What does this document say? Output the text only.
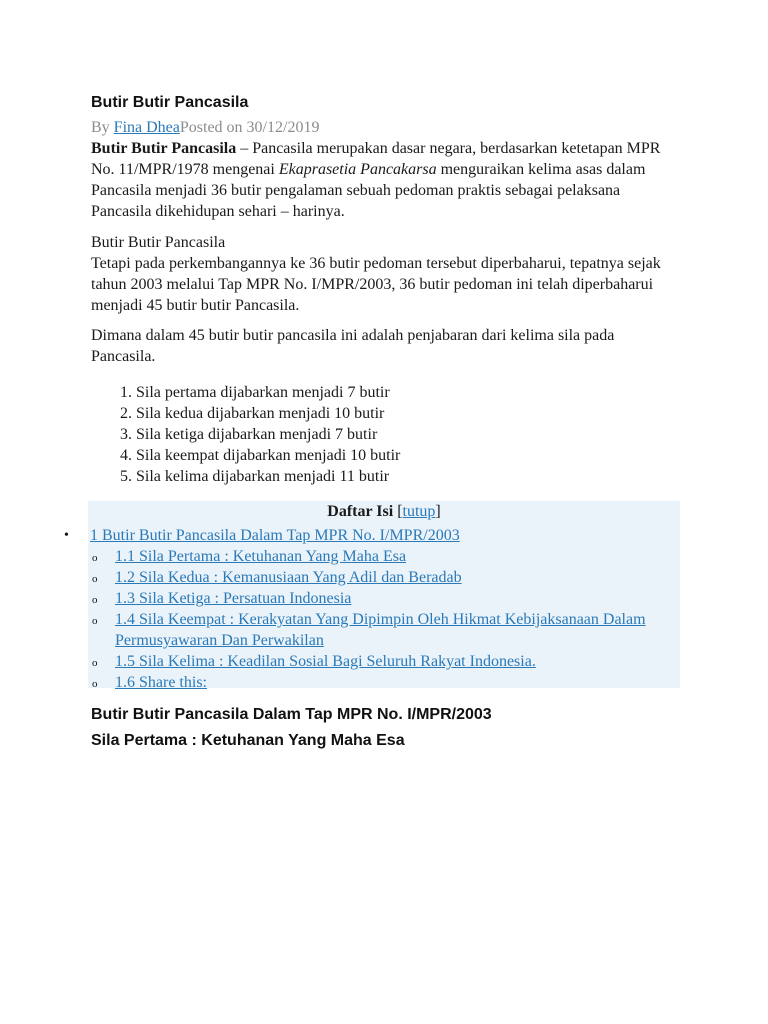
Butir Butir Pancasila
By Fina DheaPosted on 30/12/2019

Butir Butir Pancasila – Pancasila merupakan dasar negara, berdasarkan ketetapan MPR No. 11/MPR/1978 mengenai Ekaprasetia Pancakarsa menguraikan kelima asas dalam Pancasila menjadi 36 butir pengalaman sebuah pedoman praktis sebagai pelaksana Pancasila dikehidupan sehari – harinya.

Butir Butir Pancasila
Tetapi pada perkembangannya ke 36 butir pedoman tersebut diperbaharui, tepatnya sejak tahun 2003 melalui Tap MPR No. I/MPR/2003, 36 butir pedoman ini telah diperbaharui menjadi 45 butir butir Pancasila.

Dimana dalam 45 butir butir pancasila ini adalah penjabaran dari kelima sila pada Pancasila.

1. Sila pertama dijabarkan menjadi 7 butir
2. Sila kedua dijabarkan menjadi 10 butir
3. Sila ketiga dijabarkan menjadi 7 butir
4. Sila keempat dijabarkan menjadi 10 butir
5. Sila kelima dijabarkan menjadi 11 butir
Daftar Isi [tutup]
• 1 Butir Butir Pancasila Dalam Tap MPR No. I/MPR/2003
o 1.1 Sila Pertama : Ketuhanan Yang Maha Esa
o 1.2 Sila Kedua : Kemanusiaan Yang Adil dan Beradab
o 1.3 Sila Ketiga : Persatuan Indonesia
o 1.4 Sila Keempat : Kerakyatan Yang Dipimpin Oleh Hikmat Kebijaksanaan Dalam Permusyawaran Dan Perwakilan
o 1.5 Sila Kelima : Keadilan Sosial Bagi Seluruh Rakyat Indonesia.
o 1.6 Share this:
Butir Butir Pancasila Dalam Tap MPR No. I/MPR/2003
Sila Pertama : Ketuhanan Yang Maha Esa
